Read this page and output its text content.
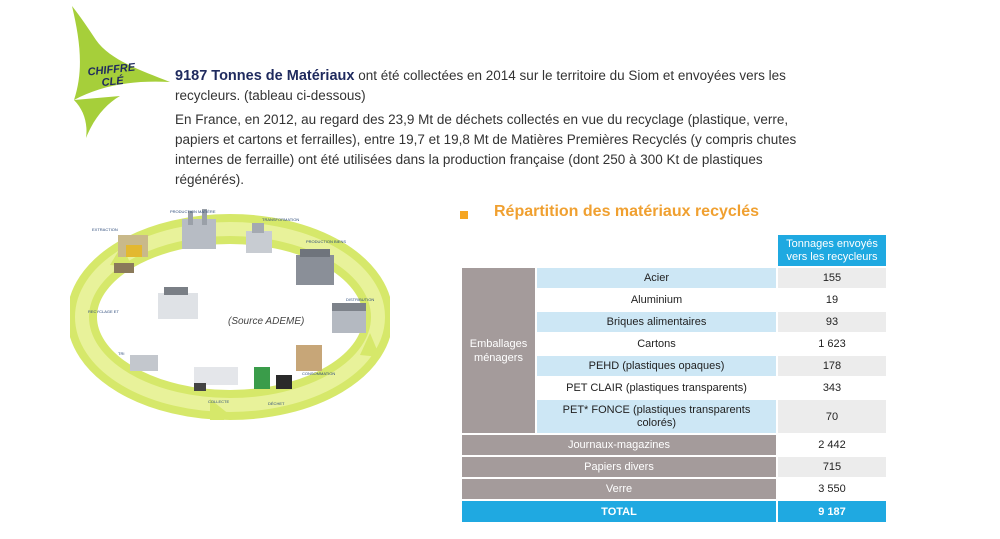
CHIFFRE
CLÉ	9187 Tonnes de Matériaux ont été collectées en 2014 sur le territoire du Siom et envoyées vers les recycleurs. (tableau ci-dessous)

En France, en 2012, au regard des 23,9 Mt de déchets collectés en vue du recyclage (plastique, verre, papiers et cartons et ferrailles), entre 19,7 et 19,8 Mt de Matières Premières Recyclés (y compris chutes internes de ferraille) ont été utilisées dans la production française (dont 250 à 300 Kt de plastiques régénérés).

EXTRACTION
PRODUCTION MATIÈRE
TRANSFORMATION
PRODUCTION BIENS
DISTRIBUTION
CONSOMMATION
DÉCHET
COLLECTE
TRI
RECYCLAGE ET
(Source ADEME)
Répartition des matériaux recyclés
		Tonnages envoyés vers les recycleurs
Emballages ménagers	Acier	155
	Aluminium	19
	Briques alimentaires	93
	Cartons	1 623
	PEHD (plastiques opaques)	178
	PET CLAIR (plastiques transparents)	343
	PET* FONCE (plastiques transparents colorés)	70
Journaux-magazines		2 442
Papiers divers		715
Verre		3 550
TOTAL		9 187
